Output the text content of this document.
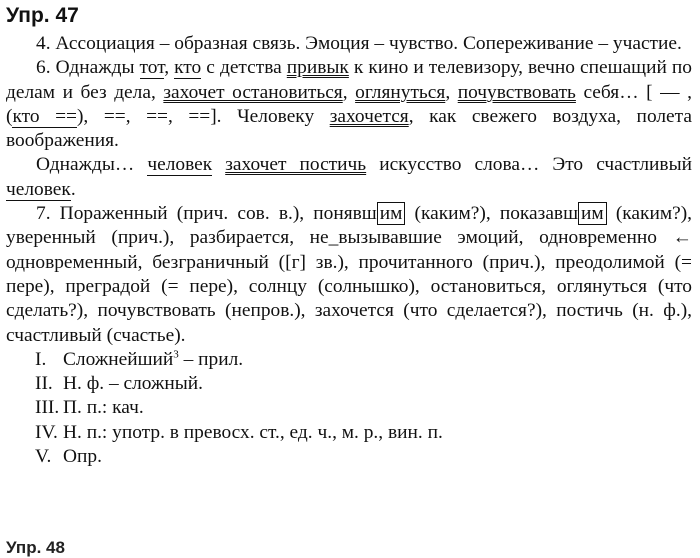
Упр. 47

4. Ассоциация – образная связь. Эмоция – чувство. Сопереживание – участие.

6. Однажды тот, кто с детства привык к кино и телевизору, вечно спешащий по делам и без дела, захочет остановиться, оглянуться, почувствовать себя… [ — , (кто ==), ==, ==, ==]. Человеку захочется, как свежего воздуха, полета воображения.

Однажды… человек захочет постичь искусство слова… Это счастливый человек.

7. Пораженный (прич. сов. в.), понявш им (каким?), показавш им (каким?), уверенный (прич.), разбирается, не_вызывавшие эмоций, одновременно ← одновременный, безграничный ([г] зв.), прочитанного (прич.), преодолимой (= пере), преградой (= пере), солнцу (солнышко), остановиться, оглянуться (что сделать?), почувствовать (непров.), захочется (что сделается?), постичь (н. ф.), счастливый (счастье).

I. Сложнейший$^3$ – прил.
II. Н. ф. – сложный.
III. П. п.: кач.
IV. Н. п.: употр. в превосх. ст., ед. ч., м. р., вин. п.
V. Опр.
Упр. 48
